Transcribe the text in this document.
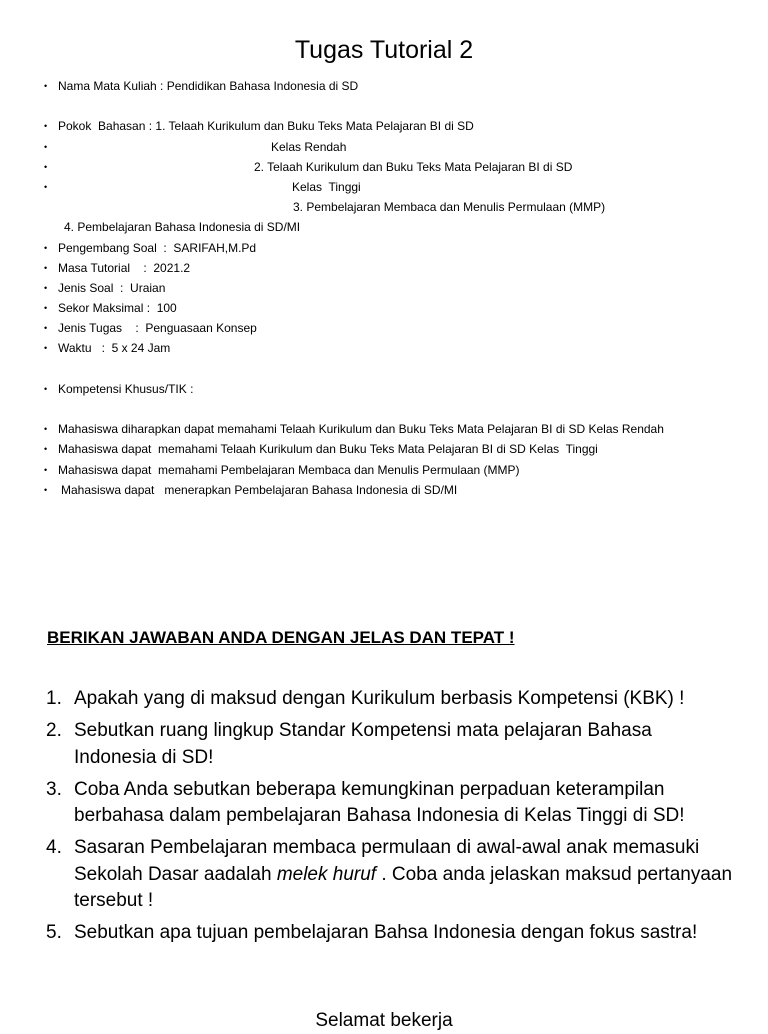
Tugas Tutorial 2

•

Nama Mata Kuliah : Pendidikan Bahasa Indonesia di SD

•

Pokok  Bahasan : 1. Telaah Kurikulum dan Buku Teks Mata Pelajaran BI di SD

•

	Kelas Rendah

•

	2. Telaah Kurikulum dan Buku Teks Mata Pelajaran BI di SD

•

	Kelas  Tinggi

3. Pembelajaran Membaca dan Menulis Permulaan (MMP)

4. Pembelajaran Bahasa Indonesia di SD/MI

•

Pengembang Soal  :  SARIFAH,M.Pd

•

Masa Tutorial    :  2021.2

•

Jenis Soal  :  Uraian

•

Sekor Maksimal :  100

•

Jenis Tugas    :  Penguasaan Konsep

•

Waktu   :  5 x 24 Jam

•

Kompetensi Khusus/TIK :

•

Mahasiswa diharapkan dapat memahami Telaah Kurikulum dan Buku Teks Mata Pelajaran BI di SD Kelas Rendah

•

Mahasiswa dapat  memahami Telaah Kurikulum dan Buku Teks Mata Pelajaran BI di SD Kelas  Tinggi

•

Mahasiswa dapat  memahami Pembelajaran Membaca dan Menulis Permulaan (MMP)

•

	Mahasiswa dapat   menerapkan Pembelajaran Bahasa Indonesia di SD/MI

BERIKAN JAWABAN ANDA DENGAN JELAS DAN TEPAT !
1. Apakah yang di maksud dengan Kurikulum berbasis Kompetensi (KBK) !
2. Sebutkan ruang lingkup Standar Kompetensi mata pelajaran Bahasa Indonesia di SD!
3. Coba Anda sebutkan beberapa kemungkinan perpaduan keterampilan berbahasa dalam pembelajaran Bahasa Indonesia di Kelas Tinggi di SD!
4. Sasaran Pembelajaran membaca permulaan di awal-awal anak memasuki Sekolah Dasar aadalah melek huruf . Coba anda jelaskan maksud pertanyaan tersebut !
5. Sebutkan apa tujuan pembelajaran Bahsa Indonesia dengan fokus sastra!
Selamat bekerja
